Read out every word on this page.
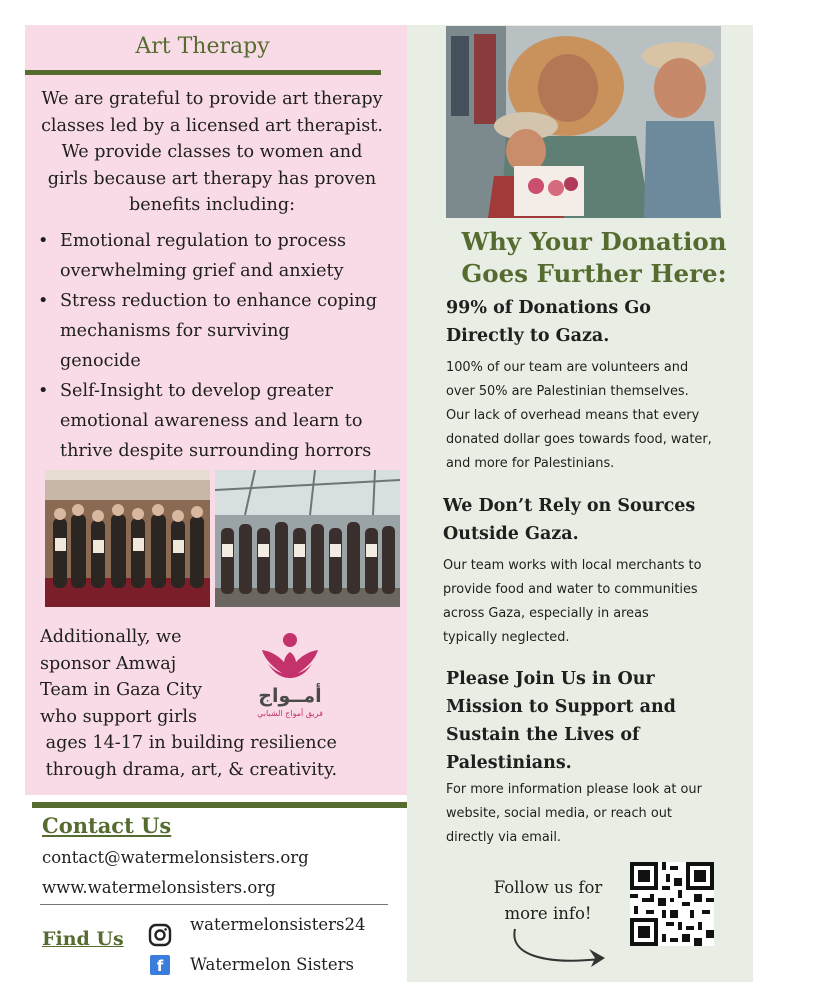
Art Therapy
We are grateful to provide art therapy
classes led by a licensed art therapist.
We provide classes to women and
girls because art therapy has proven
benefits including:
• Emotional regulation to process
overwhelming grief and anxiety
• Stress reduction to enhance coping
mechanisms for surviving
genocide
• Self-Insight to develop greater
emotional awareness and learn to
thrive despite surrounding horrors
Additionally, we
sponsor Amwaj
Team in Gaza City
who support girls
ages 14-17 in building resilience
through drama, art, & creativity.
أمــواج
فريق أمواج الشبابي
Contact Us
contact@watermelonsisters.org
www.watermelonsisters.org
Find Us
watermelonsisters24
f	Watermelon Sisters
Why Your Donation
Goes Further Here:
99% of Donations Go
Directly to Gaza.
100% of our team are volunteers and
over 50% are Palestinian themselves.
Our lack of overhead means that every
donated dollar goes towards food, water,
and more for Palestinians.
We Don’t Rely on Sources
Outside Gaza.
Our team works with local merchants to
provide food and water to communities
across Gaza, especially in areas
typically neglected.
Please Join Us in Our
Mission to Support and
Sustain the Lives of
Palestinians.
For more information please look at our
website, social media, or reach out
directly via email.
Follow us for
more info!
